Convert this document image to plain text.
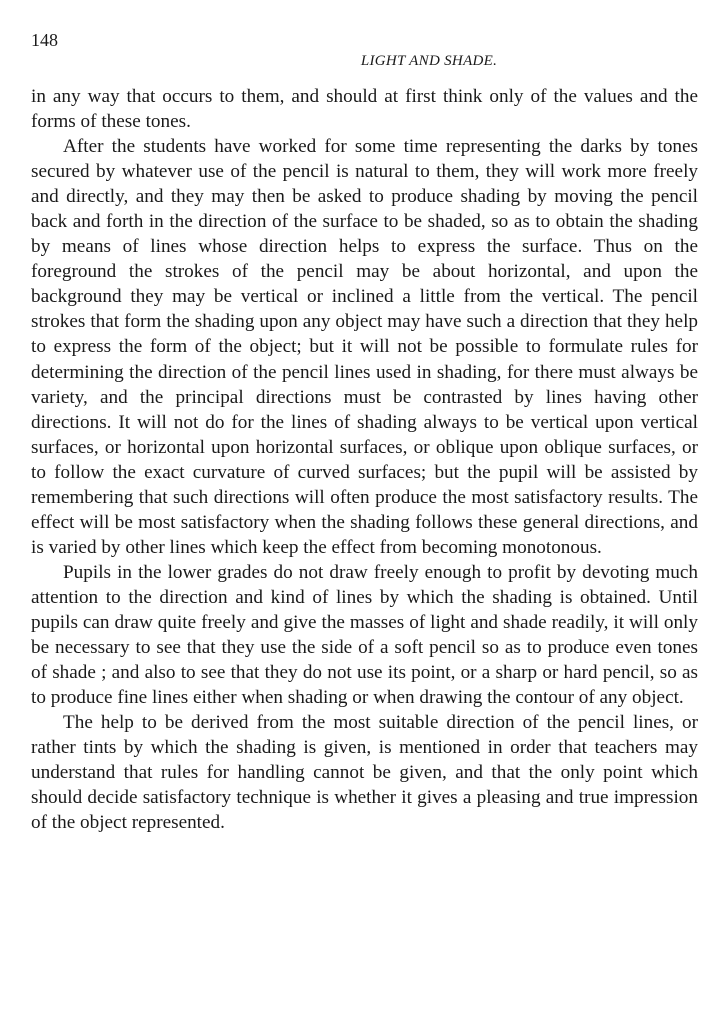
148
LIGHT AND SHADE.

in any way that occurs to them, and should at first think only of the values and the forms of these tones.

After the students have worked for some time representing the darks by tones secured by whatever use of the pencil is natural to them, they will work more freely and directly, and they may then be asked to produce shading by moving the pencil back and forth in the direction of the surface to be shaded, so as to obtain the shading by means of lines whose direction helps to express the surface. Thus on the foreground the strokes of the pencil may be about horizontal, and upon the background they may be vertical or inclined a little from the vertical. The pencil strokes that form the shading upon any object may have such a direction that they help to express the form of the object; but it will not be possible to formulate rules for determining the direction of the pencil lines used in shading, for there must always be variety, and the principal directions must be contrasted by lines having other directions. It will not do for the lines of shading always to be vertical upon vertical surfaces, or horizontal upon horizontal surfaces, or oblique upon oblique surfaces, or to follow the exact curvature of curved surfaces; but the pupil will be assisted by remembering that such directions will often produce the most satisfactory results. The effect will be most satisfactory when the shading follows these general directions, and is varied by other lines which keep the effect from becoming monotonous.

Pupils in the lower grades do not draw freely enough to profit by devoting much attention to the direction and kind of lines by which the shading is obtained. Until pupils can draw quite freely and give the masses of light and shade readily, it will only be necessary to see that they use the side of a soft pencil so as to produce even tones of shade ; and also to see that they do not use its point, or a sharp or hard pencil, so as to produce fine lines either when shading or when drawing the contour of any object.

The help to be derived from the most suitable direction of the pencil lines, or rather tints by which the shading is given, is mentioned in order that teachers may understand that rules for handling cannot be given, and that the only point which should decide satisfactory technique is whether it gives a pleasing and true impression of the object represented.
